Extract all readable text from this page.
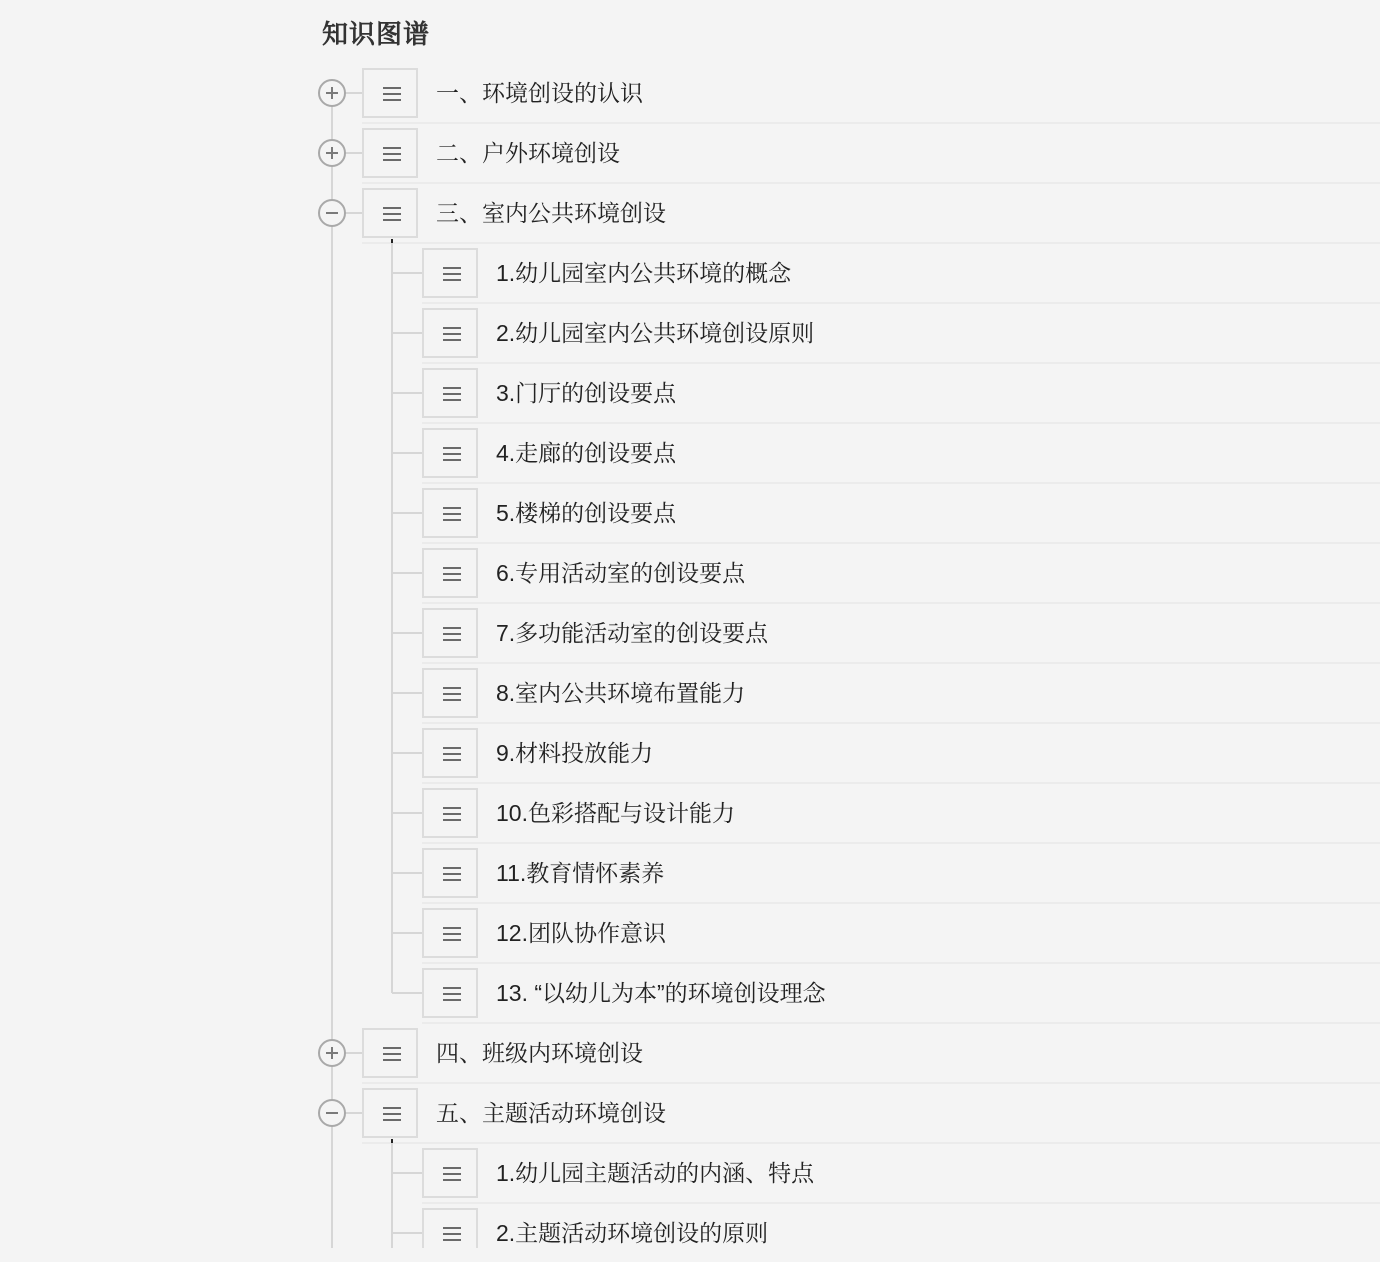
知识图谱
一、环境创设的认识
二、户外环境创设
三、室内公共环境创设
1.幼儿园室内公共环境的概念
2.幼儿园室内公共环境创设原则
3.门厅的创设要点
4.走廊的创设要点
5.楼梯的创设要点
6.专用活动室的创设要点
7.多功能活动室的创设要点
8.室内公共环境布置能力
9.材料投放能力
10.色彩搭配与设计能力
11.教育情怀素养
12.团队协作意识
13. “以幼儿为本”的环境创设理念
四、班级内环境创设
五、主题活动环境创设
1.幼儿园主题活动的内涵、特点
2.主题活动环境创设的原则
